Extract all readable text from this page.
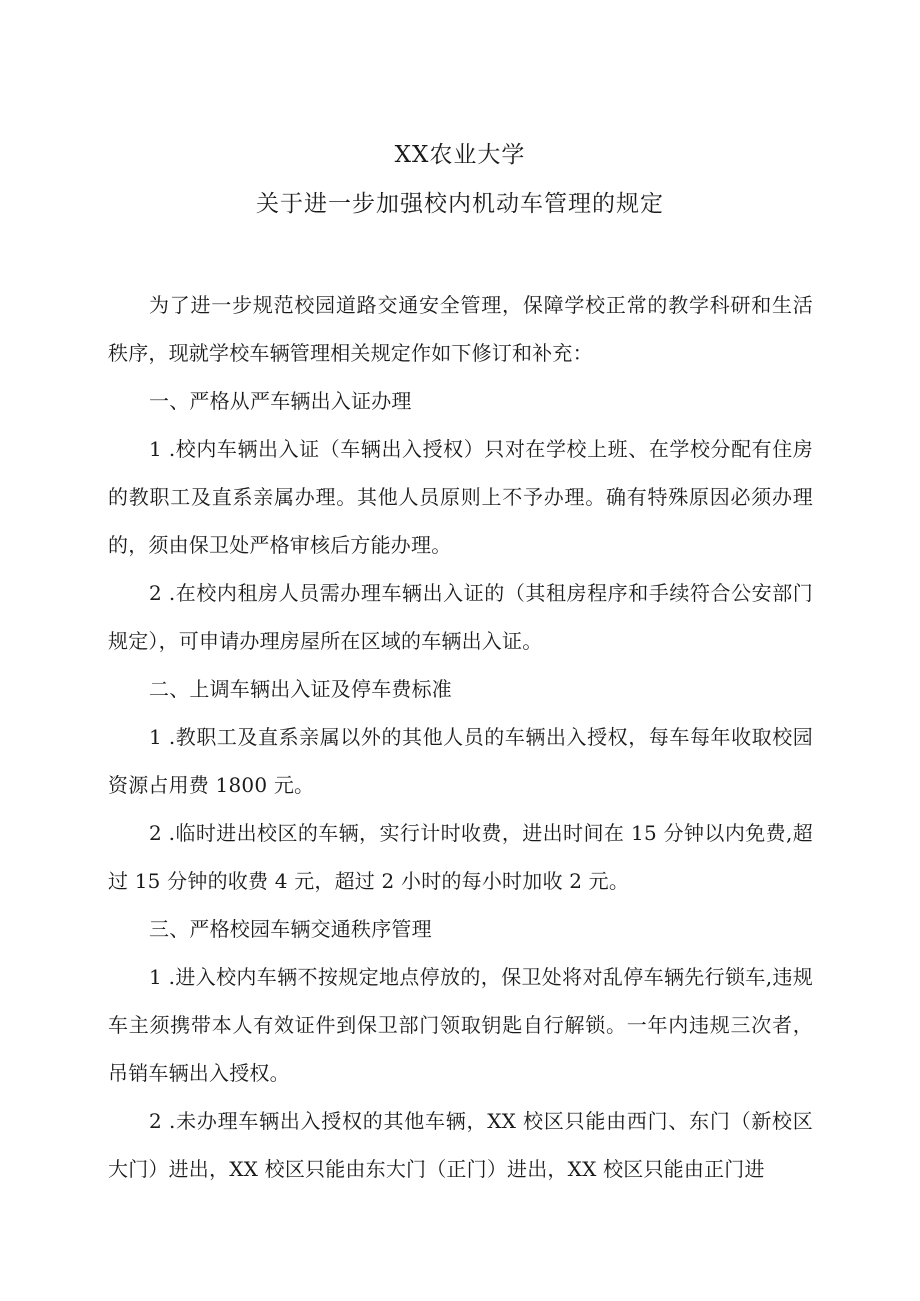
XX农业大学
关于进一步加强校内机动车管理的规定

为了进一步规范校园道路交通安全管理，保障学校正常的教学科研和生活秩序，现就学校车辆管理相关规定作如下修订和补充：

一、严格从严车辆出入证办理

1 .校内车辆出入证（车辆出入授权）只对在学校上班、在学校分配有住房的教职工及直系亲属办理。其他人员原则上不予办理。确有特殊原因必须办理的，须由保卫处严格审核后方能办理。

2 .在校内租房人员需办理车辆出入证的（其租房程序和手续符合公安部门规定），可申请办理房屋所在区域的车辆出入证。

二、上调车辆出入证及停车费标准

1 .教职工及直系亲属以外的其他人员的车辆出入授权，每车每年收取校园资源占用费 1800 元。

2 .临时进出校区的车辆，实行计时收费，进出时间在 15 分钟以内免费,超过 15 分钟的收费 4 元，超过 2 小时的每小时加收 2 元。

三、严格校园车辆交通秩序管理

1 .进入校内车辆不按规定地点停放的，保卫处将对乱停车辆先行锁车,违规车主须携带本人有效证件到保卫部门领取钥匙自行解锁。一年内违规三次者，吊销车辆出入授权。

2 .未办理车辆出入授权的其他车辆，XX 校区只能由西门、东门（新校区大门）进出，XX 校区只能由东大门（正门）进出，XX 校区只能由正门进
